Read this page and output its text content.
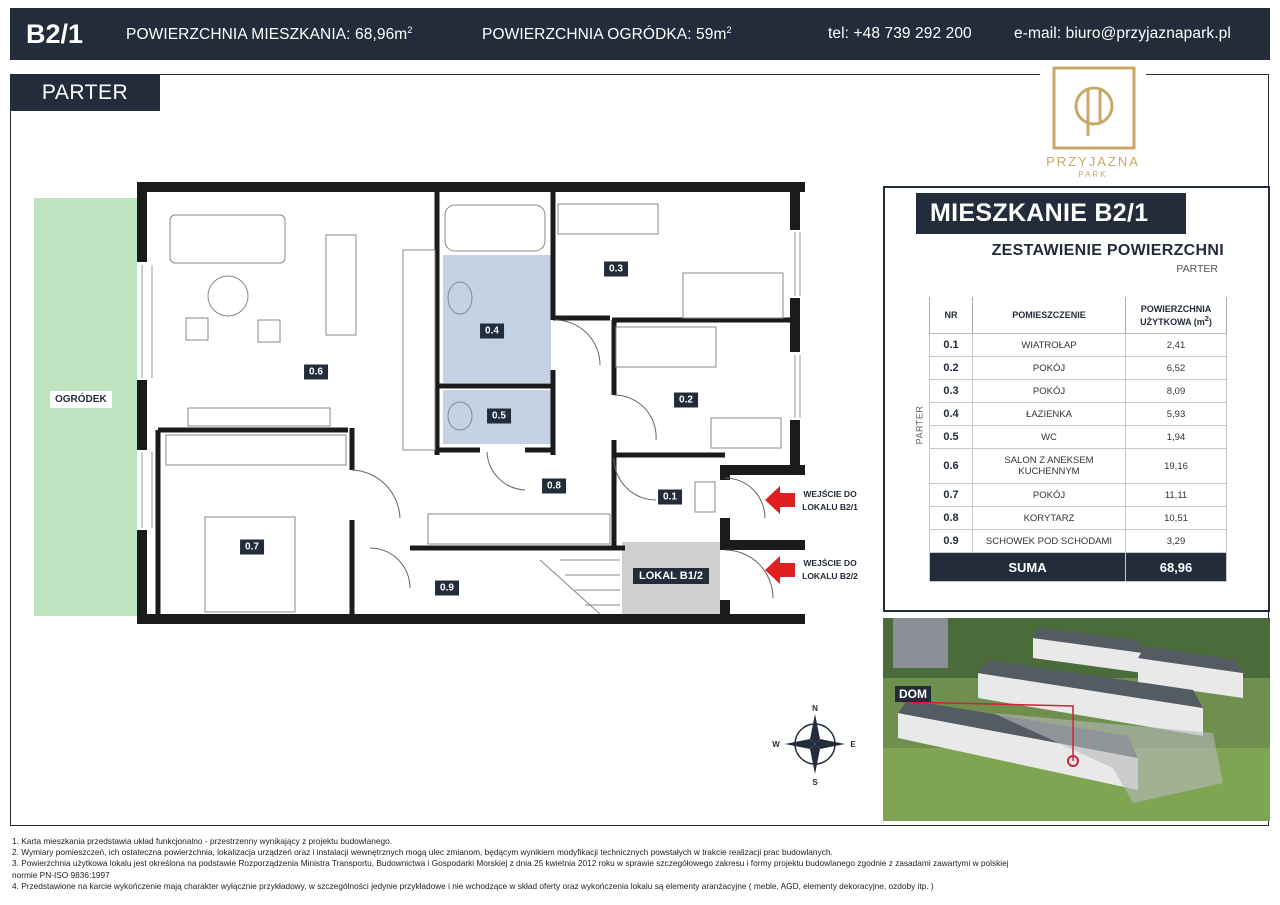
B2/1	POWIERZCHNIA MIESZKANIA: $68,96m^2$	POWIERZCHNIA OGRÓDKA: $59m^2$	tel: +48 739 292 200	e-mail: biuro@przyjaznapark.pl
PARTER
PRZYJAZNA
PARK
0.1
0.2
0.3
0.4
0.5
0.6
0.7
0.8
0.9
LOKAL B1/2
OGRÓDEK
WEJŚCIE DO
LOKALU B2/1
WEJŚCIE DO
LOKALU B2/2
N
S
W	E
MIESZKANIE B2/1
ZESTAWIENIE POWIERZCHNI
PARTER
PARTER
NR	POMIESZCZENIE	POWIERZCHNIA
UŻYTKOWA $(m^2)$
0.1	WIATROŁAP	2,41
0.2	POKÓJ	6,52
0.3	POKÓJ	8,09
0.4	ŁAZIENKA	5,93
0.5	WC	1,94
0.6	SALON Z ANEKSEM KUCHENNYM	19,16
0.7	POKÓJ	11,11
0.8	KORYTARZ	10,51
0.9	SCHOWEK POD SCHODAMI	3,29
SUMA		68,96
DOM
1. Karta mieszkania przedstawia układ funkcjonalno - przestrzenny wynikający z projektu budowlanego.
2. Wymiary pomieszczeń, ich ostateczna powierzchnia, lokalizacja urządzeń oraz i instalacji wewnętrznych mogą ulec zmianom, będącym wynikiem modyfikacji technicznych powstałych w trakcie realizacji prac budowlanych.
3. Powierzchnia użytkowa lokalu jest określona na podstawie Rozporządzenia Ministra Transportu, Budownictwa i Gospodarki Morskiej z dnia 25 kwietnia 2012 roku w sprawie szczegółowego zakresu i formy projektu budowlanego zgodnie z zasadami zawartymi w polskiej
normie PN-ISO 9836:1997
4. Przedstawione na karcie wykończenie mają charakter wyłącznie przykładowy, w szczególności jedynie przykładowe i nie wchodzące w skład oferty oraz wykończenia lokalu są elementy aranżacyjne ( meble, AGD, elementy dekoracyjne, ozdoby itp. )
